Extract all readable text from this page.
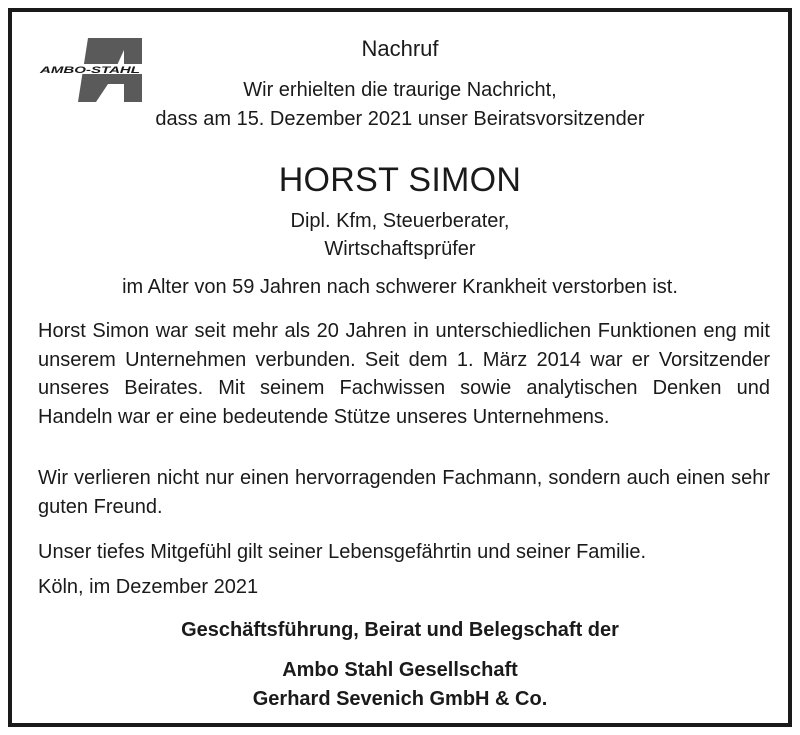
AMBO-STAHL
Nachruf
Wir erhielten die traurige Nachricht,
dass am 15. Dezember 2021 unser Beiratsvorsitzender
HORST SIMON
Dipl. Kfm, Steuerberater,
Wirtschaftsprüfer
im Alter von 59 Jahren nach schwerer Krankheit verstorben ist.

Horst Simon war seit mehr als 20 Jahren in unterschiedlichen Funktionen eng mit unserem Unternehmen verbunden. Seit dem 1. März 2014 war er Vorsitzender unseres Beirates. Mit seinem Fachwissen sowie analytischen Denken und Handeln war er eine bedeutende Stütze unseres Unternehmens.

Wir verlieren nicht nur einen hervorragenden Fachmann, sondern auch einen sehr guten Freund.

Unser tiefes Mitgefühl gilt seiner Lebensgefährtin und seiner Familie.

Köln, im Dezember 2021
Geschäftsführung, Beirat und Belegschaft der
Ambo Stahl Gesellschaft
Gerhard Sevenich GmbH & Co.
